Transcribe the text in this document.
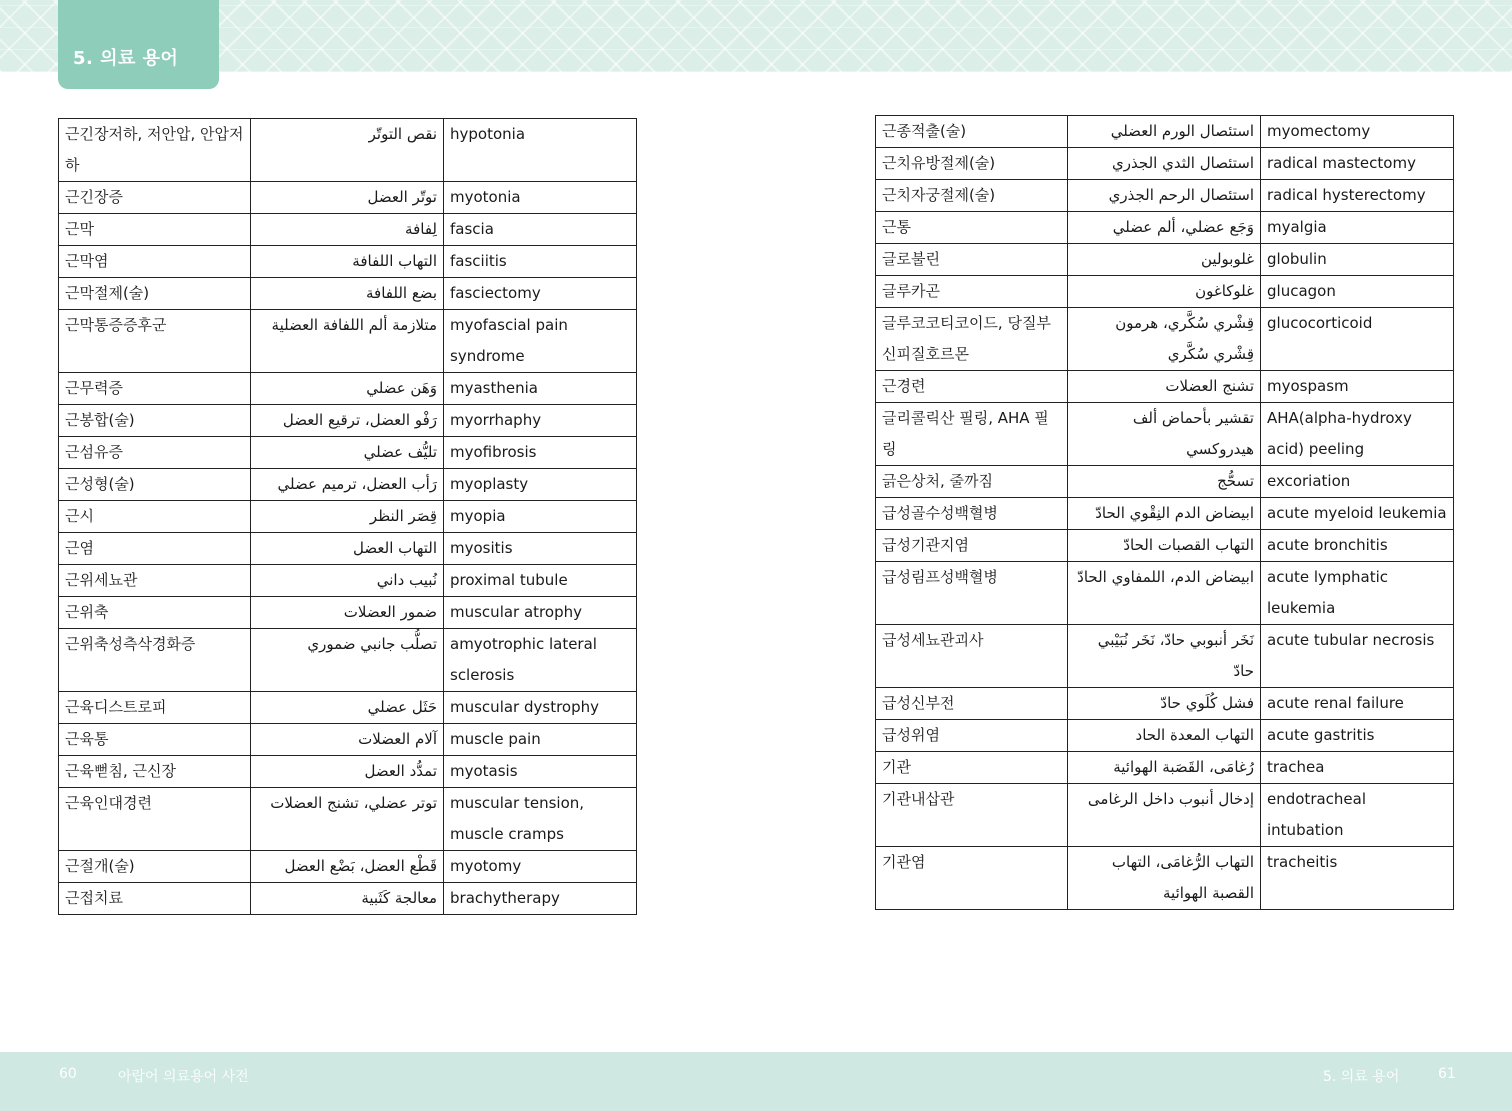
5. 의료 용어
근긴장저하, 저안압, 안압저하	نقص التوتّر	hypotonia
근긴장증	توتّر العضل	myotonia
근막	لِفافة	fascia
근막염	التهاب اللفافة	fasciitis
근막절제(술)	بضع اللفافة	fasciectomy
근막통증증후군	متلازمة ألم اللفافة العضلية	myofascial pain syndrome
근무력증	وَهَن عضلي	myasthenia
근봉합(술)	رَفْو العضل، ترقيع العضل	myorrhaphy
근섬유증	تليُّف عضلي	myofibrosis
근성형(술)	رَأب العضل، ترميم عضلي	myoplasty
근시	قِصَر النظر	myopia
근염	التهاب العضل	myositis
근위세뇨관	نُبيب داني	proximal tubule
근위축	ضمور العضلات	muscular atrophy
근위축성측삭경화증	تصلُّب جانبي ضموري	amyotrophic lateral sclerosis
근육디스트로피	حَثَل عضلي	muscular dystrophy
근육통	آلام العضلات	muscle pain
근육뻗침, 근신장	تمدُّد العضل	myotasis
근육인대경련	توتر عضلي، تشنج العضلات	muscular tension, muscle cramps
근절개(술)	قَطْع العضل، بَضْع العضل	myotomy
근접치료	معالجة كَثَبية	brachytherapy
근종적출(술)	استئصال الورم العضلي	myomectomy
근치유방절제(술)	استئصال الثدي الجذري	radical mastectomy
근치자궁절제(술)	استئصال الرحم الجذري	radical hysterectomy
근통	وَجَع عضلي، ألم عضلي	myalgia
글로불린	غلوبولين	globulin
글루카곤	غلوكاغون	glucagon
글루코코티코이드, 당질부신피질호르몬	قِشْري سُكَّري، هرمون قِشْري سُكَّري	glucocorticoid
근경련	تشنج العضلات	myospasm
글리콜릭산 필링, AHA 필링	تقشير بأحماض ألف هيدروكسي	AHA(alpha-hydroxy acid) peeling
긁은상처, 줄까짐	تسحُّج	excoriation
급성골수성백혈병	ابيضاض الدم النِقْوي الحادّ	acute myeloid leukemia
급성기관지염	التهاب القصبات الحادّ	acute bronchitis
급성림프성백혈병	ابيضاض الدم، اللمفاوي الحادّ	acute lymphatic leukemia
급성세뇨관괴사	نَخَر أنبوبي حادّ، نَخَر نُبَيْبي حادّ	acute tubular necrosis
급성신부전	فشل كُلَوي حادّ	acute renal failure
급성위염	التهاب المعدة الحاد	acute gastritis
기관	رُغامَى، القَصَبة الهوائية	trachea
기관내삽관	إدخال أنبوب داخل الرغامى	endotracheal intubation
기관염	التهاب الرُّغامَى، التهاب القصبة الهوائية	tracheitis
60	아랍어 의료용어 사전	5. 의료 용어	61
